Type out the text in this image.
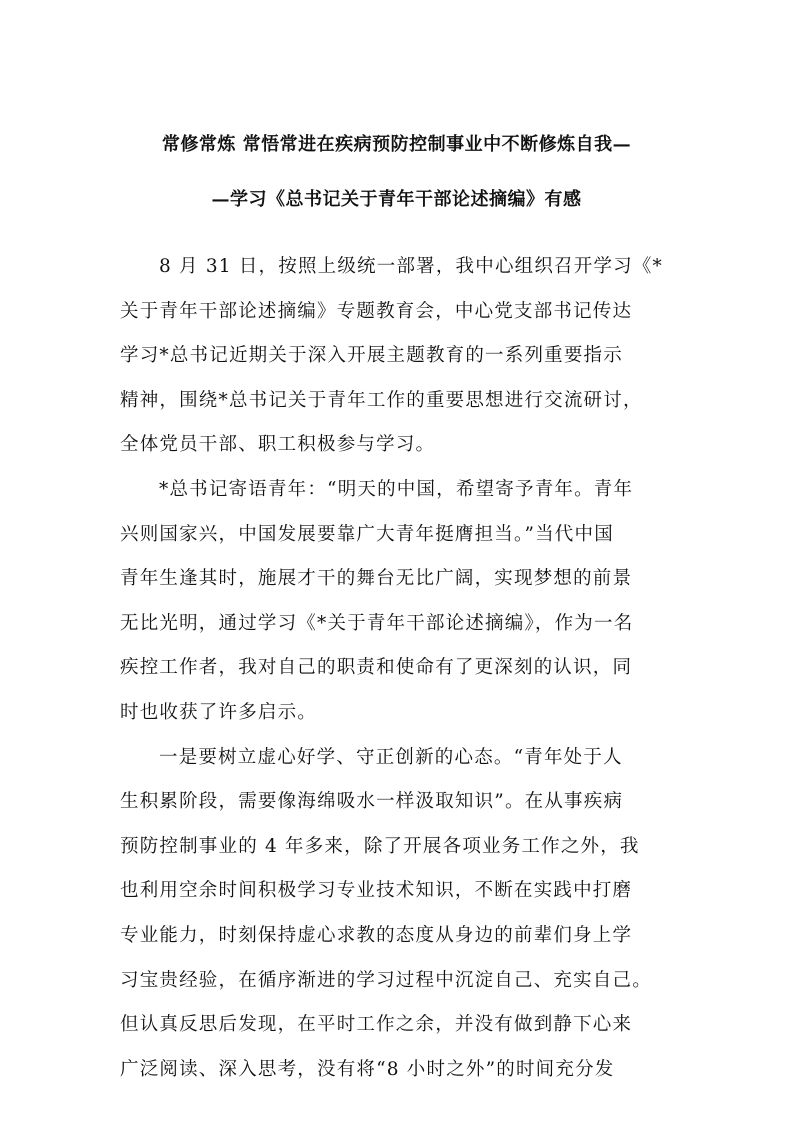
常修常炼 常悟常进在疾病预防控制事业中不断修炼自我—
—学习《总书记关于青年干部论述摘编》有感
8 月 31 日，按照上级统一部署，我中心组织召开学习《*
关于青年干部论述摘编》专题教育会，中心党支部书记传达
学习*总书记近期关于深入开展主题教育的一系列重要指示
精神，围绕*总书记关于青年工作的重要思想进行交流研讨，
全体党员干部、职工积极参与学习。
*总书记寄语青年：“明天的中国，希望寄予青年。青年
兴则国家兴，中国发展要靠广大青年挺膺担当。”当代中国
青年生逢其时，施展才干的舞台无比广阔，实现梦想的前景
无比光明，通过学习《*关于青年干部论述摘编》，作为一名
疾控工作者，我对自己的职责和使命有了更深刻的认识，同
时也收获了许多启示。
一是要树立虚心好学、守正创新的心态。“青年处于人
生积累阶段，需要像海绵吸水一样汲取知识”。在从事疾病
预防控制事业的 4 年多来，除了开展各项业务工作之外，我
也利用空余时间积极学习专业技术知识，不断在实践中打磨
专业能力，时刻保持虚心求教的态度从身边的前辈们身上学
习宝贵经验，在循序渐进的学习过程中沉淀自己、充实自己。
但认真反思后发现，在平时工作之余，并没有做到静下心来
广泛阅读、深入思考，没有将“8 小时之外”的时间充分发
